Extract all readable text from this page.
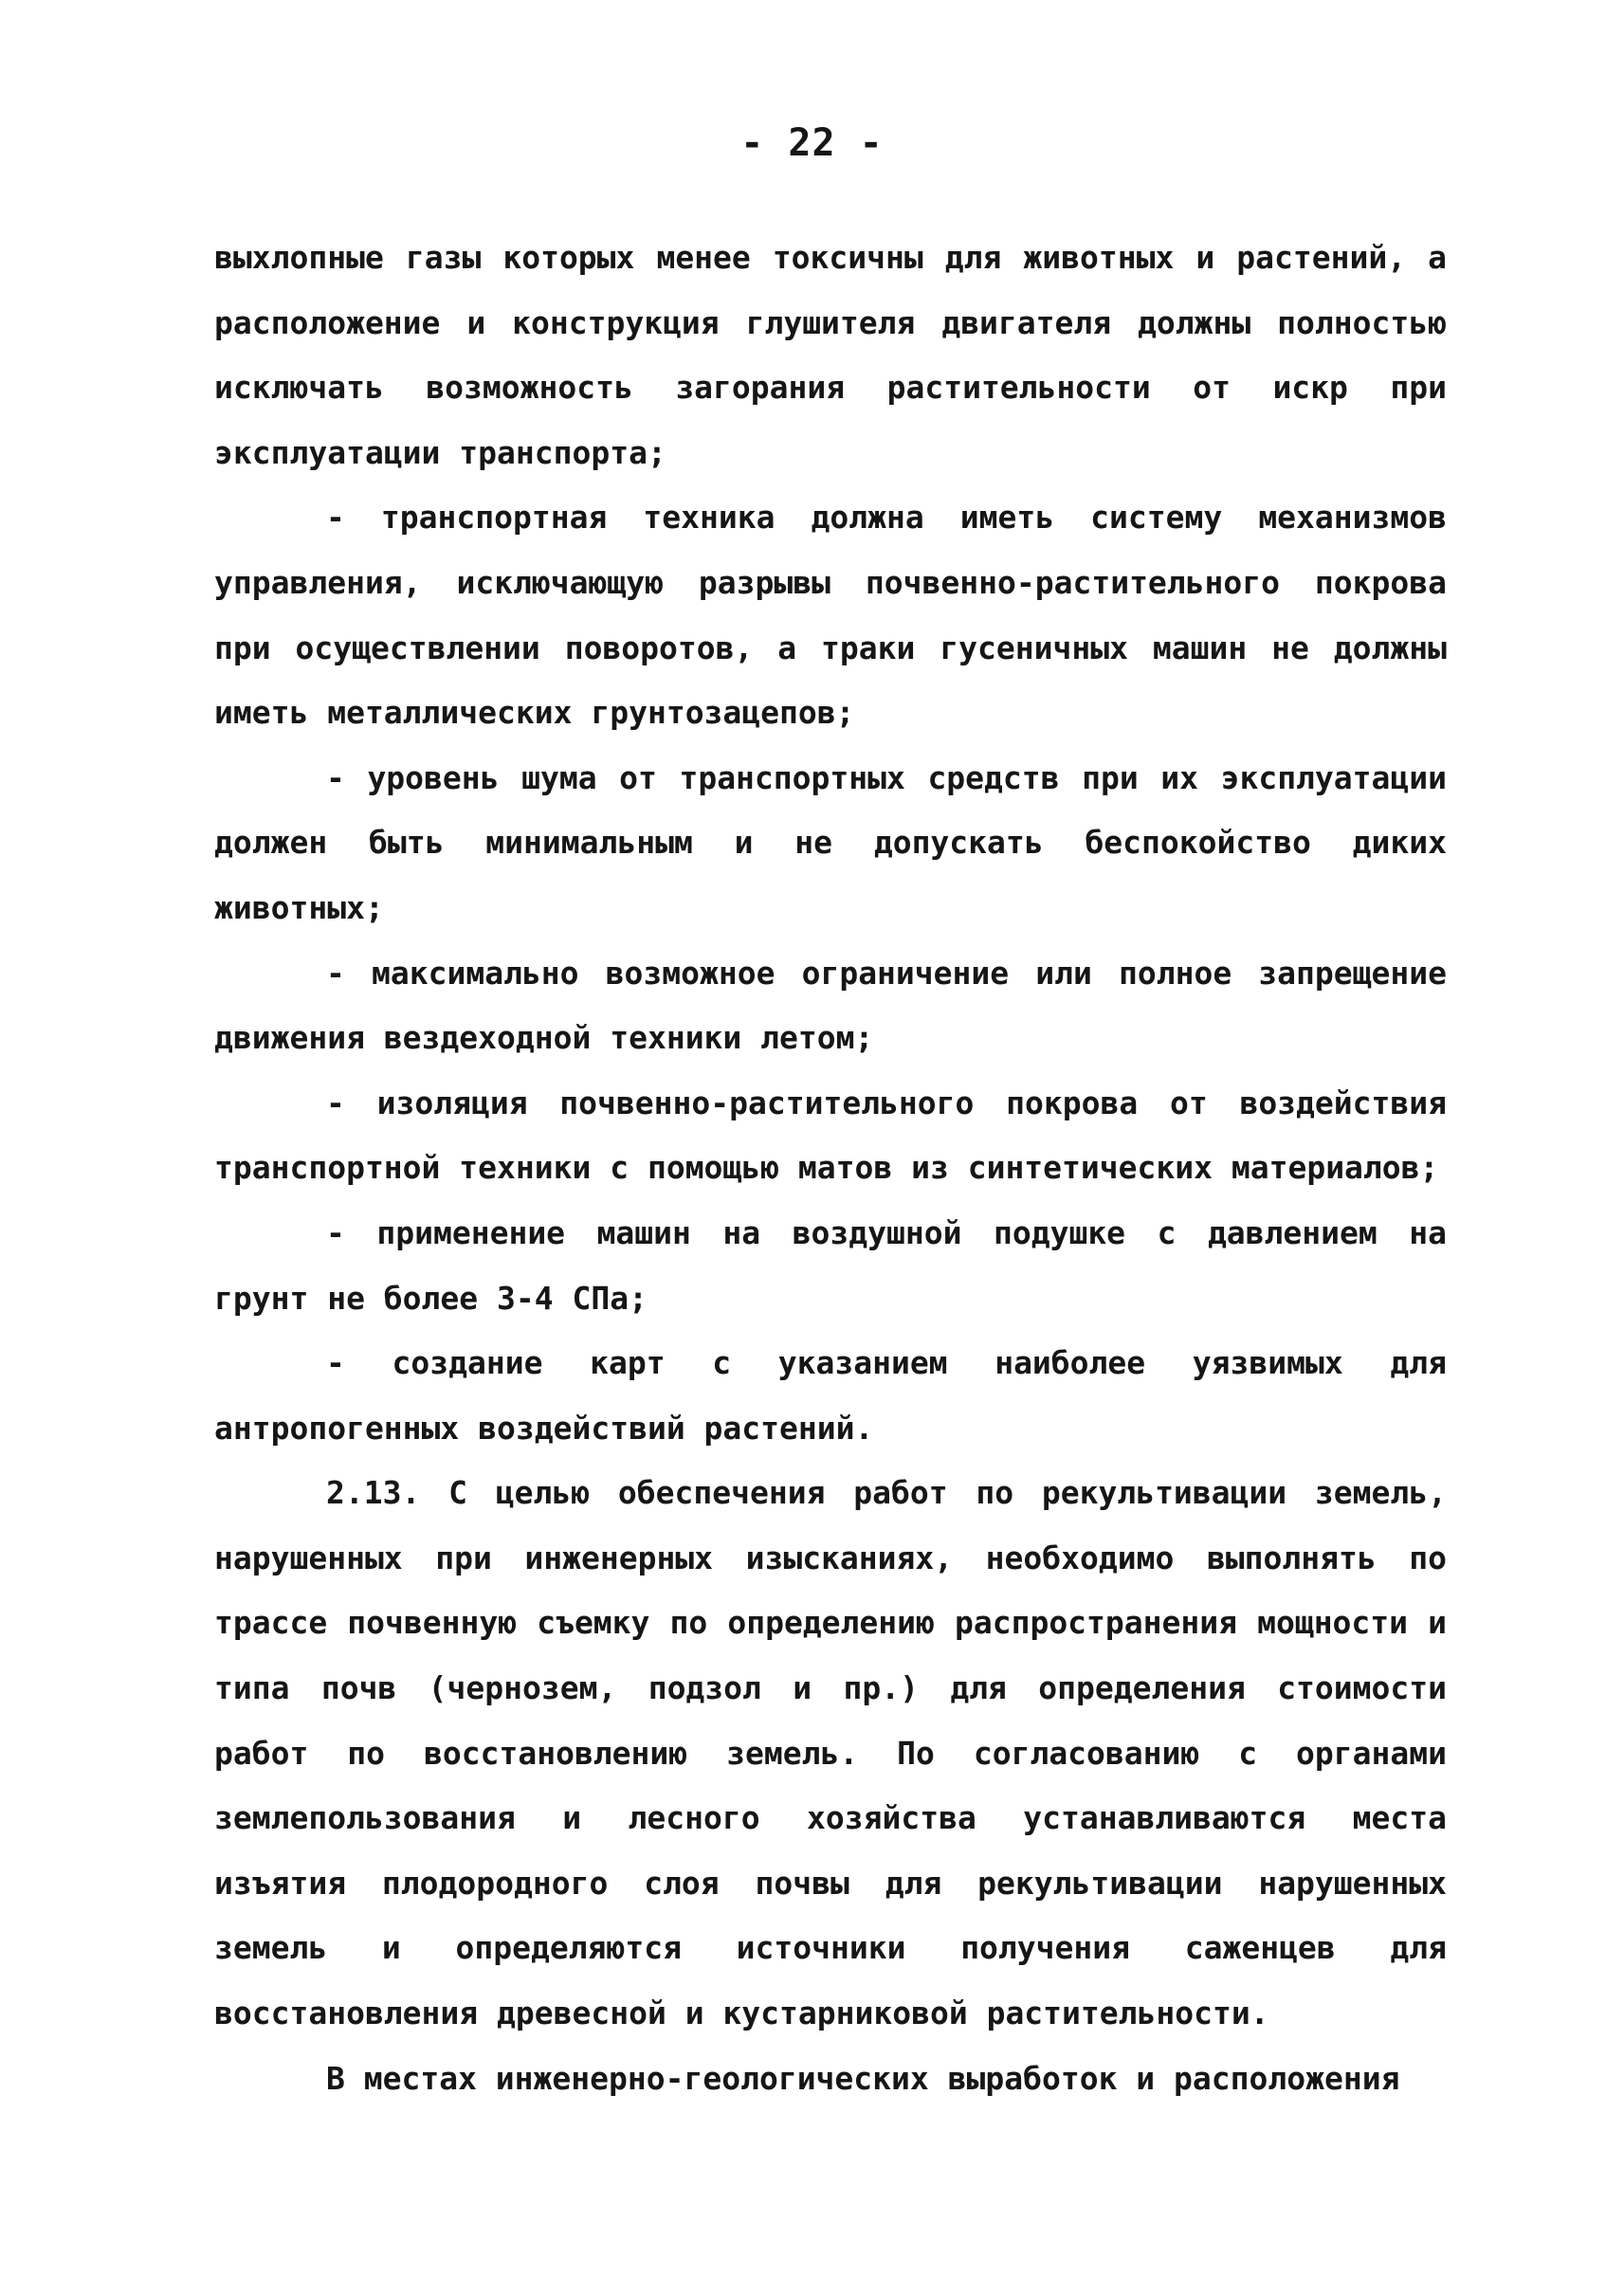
- 22 -

выхлопные газы которых менее токсичны для животных и растений, а расположение и конструкция глушителя двигателя должны полностью исключать возможность загорания растительности от искр при эксплуатации транспорта;

- транспортная техника должна иметь систему механизмов управления, исключающую разрывы почвенно-растительного покрова при осуществлении поворотов, а траки гусеничных машин не должны иметь металлических грунтозацепов;

- уровень шума от транспортных средств при их эксплуатации должен быть минимальным и не допускать беспокойство диких животных;

- максимально возможное ограничение или полное запрещение движения вездеходной техники летом;

- изоляция почвенно-растительного покрова от воздействия транспортной техники с помощью матов из синтетических материалов;

- применение машин на воздушной подушке с давлением на грунт не более 3-4 СПа;

- создание карт с указанием наиболее уязвимых для антропогенных воздействий растений.

2.13. С целью обеспечения работ по рекультивации земель, нарушенных при инженерных изысканиях, необходимо выполнять по трассе почвенную съемку по определению распространения мощности и типа почв (чернозем, подзол и пр.) для определения стоимости работ по восстановлению земель. По согласованию с органами землепользования и лесного хозяйства устанавливаются места изъятия плодородного слоя почвы для рекультивации нарушенных земель и определяются источники получения саженцев для восстановления древесной и кустарниковой растительности.

В местах инженерно-геологических выработок и расположения
